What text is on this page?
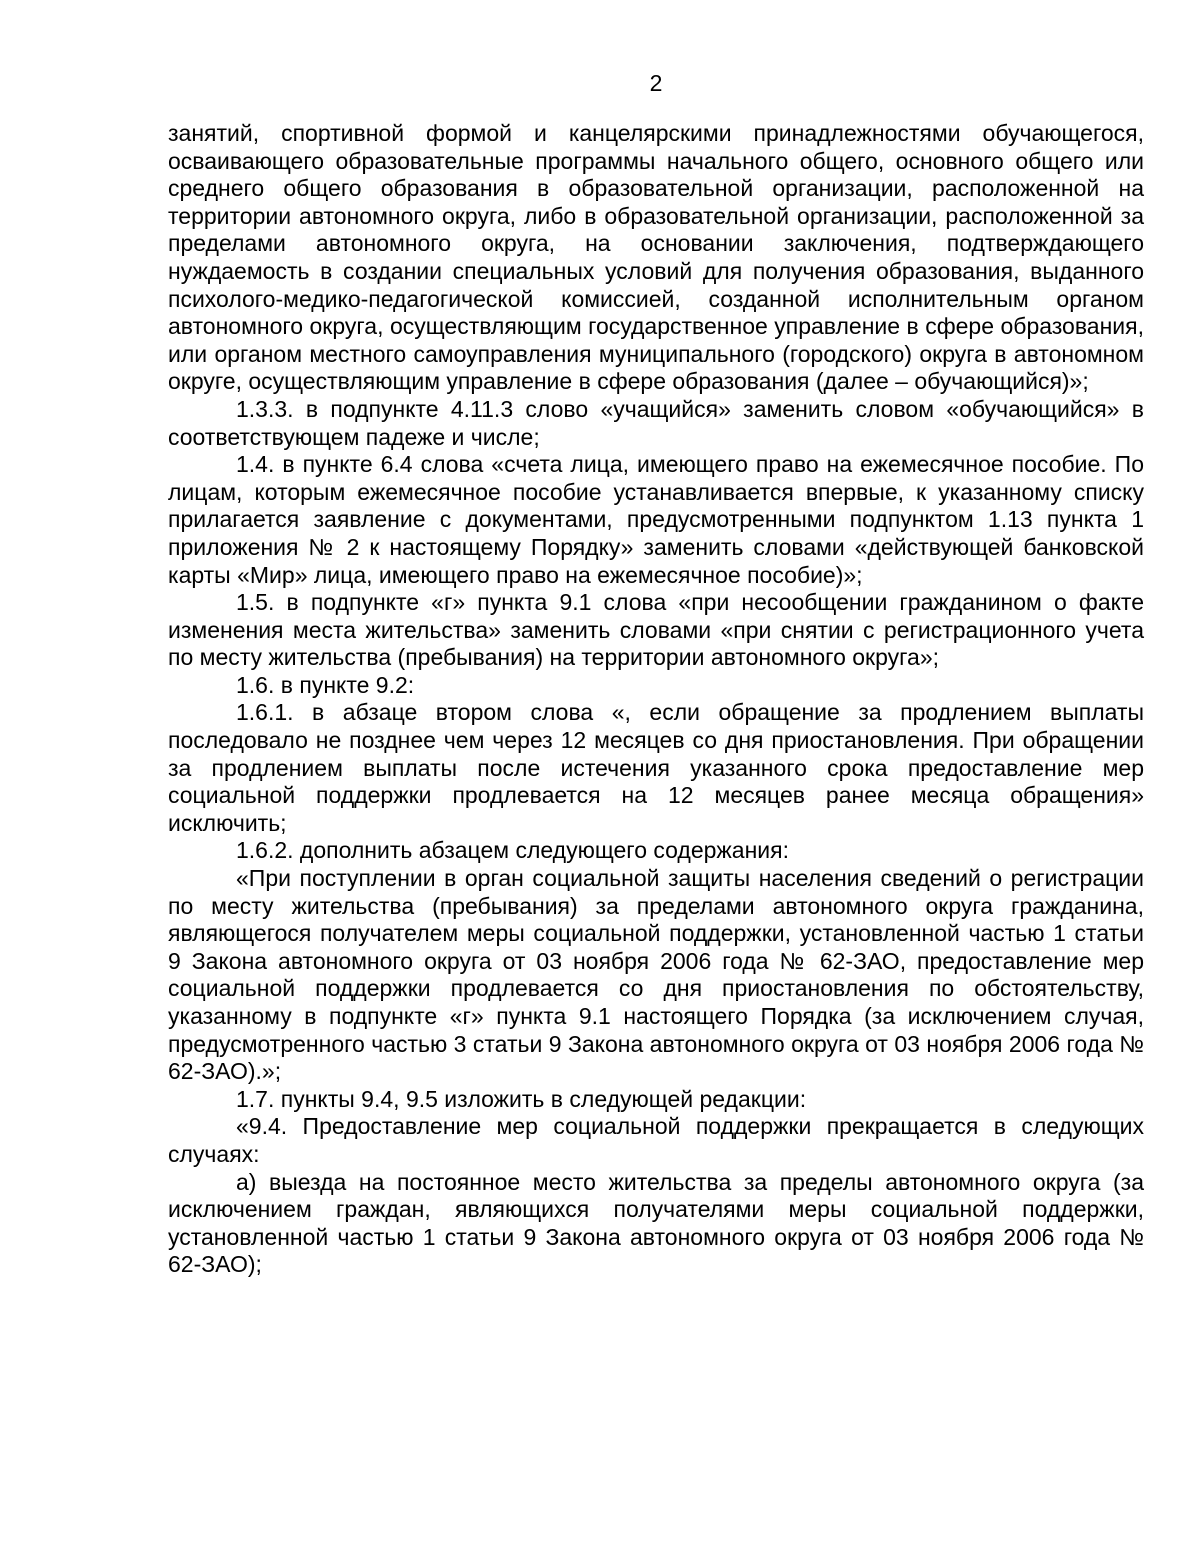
2

занятий, спортивной формой и канцелярскими принадлежностями обучающегося, осваивающего образовательные программы начального общего, основного общего или среднего общего образования в образовательной организации, расположенной на территории автономного округа, либо в образовательной организации, расположенной за пределами автономного округа, на основании заключения, подтверждающего нуждаемость в создании специальных условий для получения образования, выданного психолого-медико-педагогической комиссией, созданной исполнительным органом автономного округа, осуществляющим государственное управление в сфере образования, или органом местного самоуправления муниципального (городского) округа в автономном округе, осуществляющим управление в сфере образования (далее – обучающийся)»;

1.3.3. в подпункте 4.11.3 слово «учащийся» заменить словом «обучающийся» в соответствующем падеже и числе;

1.4. в пункте 6.4 слова «счета лица, имеющего право на ежемесячное пособие. По лицам, которым ежемесячное пособие устанавливается впервые, к указанному списку прилагается заявление с документами, предусмотренными подпунктом 1.13 пункта 1 приложения № 2 к настоящему Порядку» заменить словами «действующей банковской карты «Мир» лица, имеющего право на ежемесячное пособие)»;

1.5. в подпункте «г» пункта 9.1 слова «при несообщении гражданином о факте изменения места жительства» заменить словами «при снятии с регистрационного учета по месту жительства (пребывания) на территории автономного округа»;

1.6. в пункте 9.2:

1.6.1. в абзаце втором слова «, если обращение за продлением выплаты последовало не позднее чем через 12 месяцев со дня приостановления. При обращении за продлением выплаты после истечения указанного срока предоставление мер социальной поддержки продлевается на 12 месяцев ранее месяца обращения» исключить;

1.6.2. дополнить абзацем следующего содержания:

«При поступлении в орган социальной защиты населения сведений о регистрации по месту жительства (пребывания) за пределами автономного округа гражданина, являющегося получателем меры социальной поддержки, установленной частью 1 статьи 9 Закона автономного округа от 03 ноября 2006 года № 62-ЗАО, предоставление мер социальной поддержки продлевается со дня приостановления по обстоятельству, указанному в подпункте «г» пункта 9.1 настоящего Порядка (за исключением случая, предусмотренного частью 3 статьи 9 Закона автономного округа от 03 ноября 2006 года № 62-ЗАО).»;

1.7. пункты 9.4, 9.5 изложить в следующей редакции:

«9.4. Предоставление мер социальной поддержки прекращается в следующих случаях:

а) выезда на постоянное место жительства за пределы автономного округа (за исключением граждан, являющихся получателями меры социальной поддержки, установленной частью 1 статьи 9 Закона автономного округа от 03 ноября 2006 года № 62-ЗАО);
